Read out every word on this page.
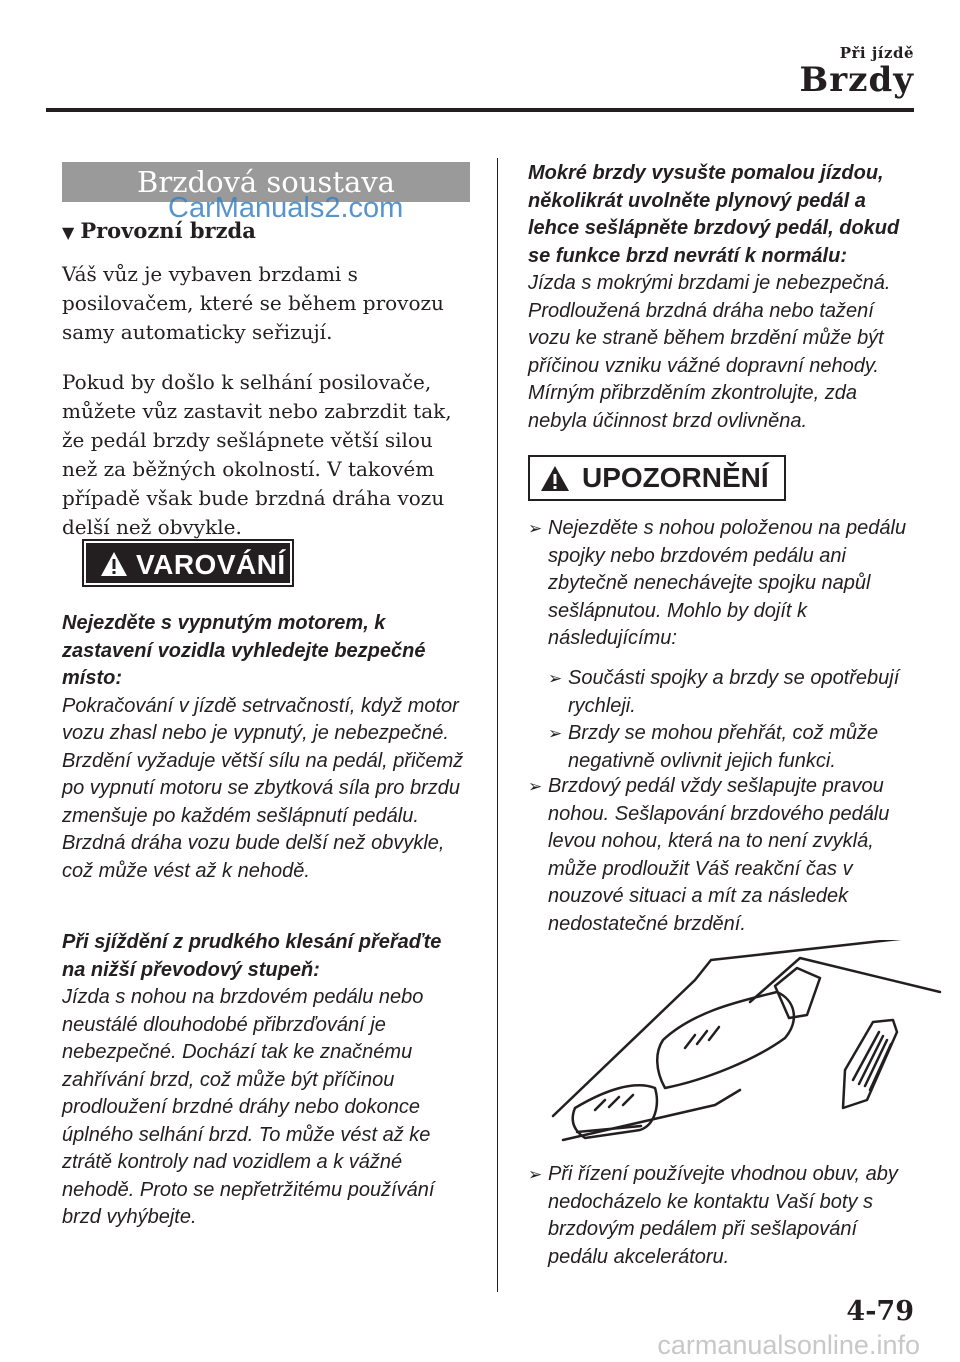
Při jízdě
Brzdy
Brzdová soustava
CarManuals2.com
▼ Provozní brzda
Váš vůz je vybaven brzdami s posilovačem, které se během provozu samy automaticky seřizují.
Pokud by došlo k selhání posilovače, můžete vůz zastavit nebo zabrzdit tak, že pedál brzdy sešlápnete větší silou než za běžných okolností. V takovém případě však bude brzdná dráha vozu delší než obvykle.
VAROVÁNÍ
Nejezděte s vypnutým motorem, k zastavení vozidla vyhledejte bezpečné místo:
Pokračování v jízdě setrvačností, když motor vozu zhasl nebo je vypnutý, je nebezpečné. Brzdění vyžaduje větší sílu na pedál, přičemž po vypnutí motoru se zbytková síla pro brzdu zmenšuje po každém sešlápnutí pedálu. Brzdná dráha vozu bude delší než obvykle, což může vést až k nehodě.
Při sjíždění z prudkého klesání přeřaďte na nižší převodový stupeň:
Jízda s nohou na brzdovém pedálu nebo neustálé dlouhodobé přibrzďování je nebezpečné. Dochází tak ke značnému zahřívání brzd, což může být příčinou prodloužení brzdné dráhy nebo dokonce úplného selhání brzd. To může vést až ke ztrátě kontroly nad vozidlem a k vážné nehodě. Proto se nepřetržitému používání brzd vyhýbejte.
Mokré brzdy vysušte pomalou jízdou, několikrát uvolněte plynový pedál a lehce sešlápněte brzdový pedál, dokud se funkce brzd nevrátí k normálu:
Jízda s mokrými brzdami je nebezpečná. Prodloužená brzdná dráha nebo tažení vozu ke straně během brzdění může být příčinou vzniku vážné dopravní nehody. Mírným přibrzděním zkontrolujte, zda nebyla účinnost brzd ovlivněna.
UPOZORNĚNÍ
➢ Nejezděte s nohou položenou na pedálu spojky nebo brzdovém pedálu ani zbytečně nenechávejte spojku napůl sešlápnutou. Mohlo by dojít k následujícímu:
➢ Součásti spojky a brzdy se opotřebují rychleji.
➢ Brzdy se mohou přehřát, což může negativně ovlivnit jejich funkci.
➢ Brzdový pedál vždy sešlapujte pravou nohou. Sešlapování brzdového pedálu levou nohou, která na to není zvyklá, může prodloužit Váš reakční čas v nouzové situaci a mít za následek nedostatečné brzdění.
➢ Při řízení používejte vhodnou obuv, aby nedocházelo ke kontaktu Vaší boty s brzdovým pedálem při sešlapování pedálu akcelerátoru.
4-79
carmanualsonline.info
